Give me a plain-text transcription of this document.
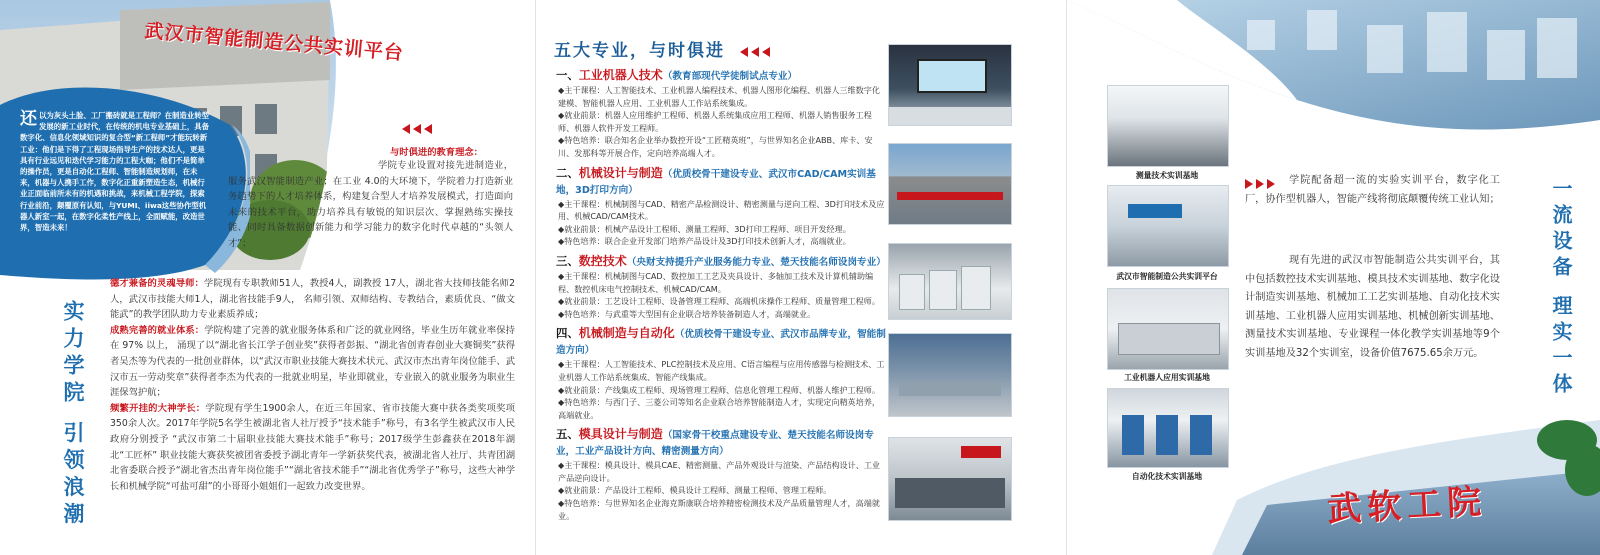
武汉市智能制造公共实训平台
还 以为灰头土脸、工厂搬砖就是工程师？在制造业转型发展的新工业时代，在传统的机电专业基础上，具备数字化、信息化领域知识的复合型“新工程师”才能玩转新工业：他们是下得了工程现场指导生产的技术达人，更是具有行业远见和迭代学习能力的工程大咖；他们不是简单的操作员，更是自动化工程师、智能制造规划师，在未来，机器与人携手工作，数字化正重新塑造生态，机械行业正面临前所未有的机遇和挑战，来机械工程学院，探索行业前沿，颠覆原有认知，与YUMI、iiwa这些协作型机器人新室一起，在数字化柔性产线上，全面赋能，改造世界，智造未来！
与时俱进的教育理念：

学院专业设置对接先进制造业，服务武汉智能制造产业；在工业 4.0的大环境下，学院着力打造新业务趋势下的人才培养体系，构建复合型人才培养发展模式，打造面向未来的技术平台，助力培养具有敏锐的知识层次、掌握熟练实操技能、同时具备数据创新能力和学习能力的数字化时代卓越的“头领人才”；

德才兼备的灵魂导师：学院现有专职教师51人，教授4人，副教授 17人，湖北省大技师技能名师2人，武汉市技能大师1人，湖北省技能手9人， 名师引领、双师结构、专教结合，素质优良、“做文能武”的教学团队助力专业素质养成；

成熟完善的就业体系：学院构建了完善的就业服务体系和广泛的就业网络，毕业生历年就业率保持在 97% 以上， 涌现了以“湖北省长江学子创业奖”获得者彭振、“湖北省创青春创业大赛铜奖”获得者吴杰等为代表的一批创业群体，以“武汉市职业技能大赛技术状元、武汉市杰出青年岗位能手、武汉市五一劳动奖章”获得者李杰为代表的一批就业明星，毕业即就业，专业嵌入的就业服务为职业生涯保驾护航；

频繁开挂的大神学长：学院现有学生1900余人，在近三年国家、省市技能大赛中获各类奖项奖项350余人次。2017年学院5名学生被湖北省人社厅授予“技术能手”称号，有3名学生被武汉市人民政府分别授予 “武汉市第二十届职业技能大赛技术能手”称号；2017级学生彭鑫获在2018年湖北“工匠杯” 职业技能大赛获奖被团省委授予湖北青年一学新获奖代表，被湖北省人社厅、共青团湖北省委联合授予“湖北省杰出青年岗位能手”“湖北省技术能手”“湖北省优秀学子”称号，这些大神学长和机械学院“可盐可甜”的小哥哥小姐姐们一起致力改变世界。

实力学院 引领浪潮
五大专业，与时俱进

一、工业机器人技术（教育部现代学徒制试点专业）

◆主干课程：人工智能技术、工业机器人编程技术、机器人图形化编程、机器人三维数字化建模、智能机器人应用、工业机器人工作站系统集成。

◆就业前景：机器人应用维护工程师、机器人系统集成应用工程师、机器人销售服务工程师、机器人软件开发工程师。

◆特色培养：联合知名企业举办数控开设“工匠精英班”，与世界知名企业ABB、库卡、安川、发那科等开展合作，定向培养高端人才。

二、机械设计与制造（优质校骨干建设专业、武汉市CAD/CAM实训基地，3D打印方向）

◆主干课程：机械制图与CAD、精密产品检测设计、精密测量与逆向工程、3D打印技术及应用、机械CAD/CAM技术。

◆就业前景：机械产品设计工程师、测量工程师、3D打印工程师、项目开发经理。

◆特色培养：联合企业开发部门培养产品设计及3D打印技术创新人才，高端就业。

三、数控技术（央财支持提升产业服务能力专业、楚天技能名师设岗专业）

◆主干课程：机械制图与CAD、数控加工工艺及夹具设计、多轴加工技术及计算机辅助编程、数控机床电气控制技术、机械CAD/CAM。

◆就业前景：工艺设计工程师、设备管理工程师、高端机床操作工程师、质量管理工程师。

◆特色培养：与武重等大型国有企业联合培养装备制造人才，高端就业。

四、机械制造与自动化（优质校骨干建设专业、武汉市品牌专业，智能制造方向）

◆主干课程：人工智能技术、PLC控制技术及应用、C语言编程与应用传感器与检测技术、工业机器人工作站系统集成、智能产线集成。

◆就业前景：产线集成工程师、现场管理工程师、信息化管理工程师、机器人维护工程师。

◆特色培养：与西门子、三菱公司等知名企业联合培养智能制造人才，实现定向精英培养，高端就业。

五、模具设计与制造（国家骨干校重点建设专业、楚天技能名师设岗专业，工业产品设计方向、精密测量方向）

◆主干课程：模具设计、模具CAE、精密测量、产品外观设计与渲染、产品结构设计、工业产品逆向设计。

◆就业前景：产品设计工程师、模具设计工程师、测量工程师、管理工程师。

◆特色培养：与世界知名企业海克斯康联合培养精密检测技术及产品质量管理人才，高端就业。	武软工院
测量技术实训基地
武汉市智能制造公共实训平台
工业机器人应用实训基地
自动化技术实训基地

学院配备超一流的实验实训平台，数字化工厂，协作型机器人，智能产线将彻底颠覆传统工业认知；

现有先进的武汉市智能制造公共实训平台，其中包括数控技术实训基地、模具技术实训基地、数字化设计制造实训基地、机械加工工艺实训基地、自动化技术实训基地、工业机器人应用实训基地、机械创新实训基地、测量技术实训基地、专业课程一体化教学实训基地等9个实训基地及32个实训室，设备价值7675.65余万元。	一流设备 理实一体
